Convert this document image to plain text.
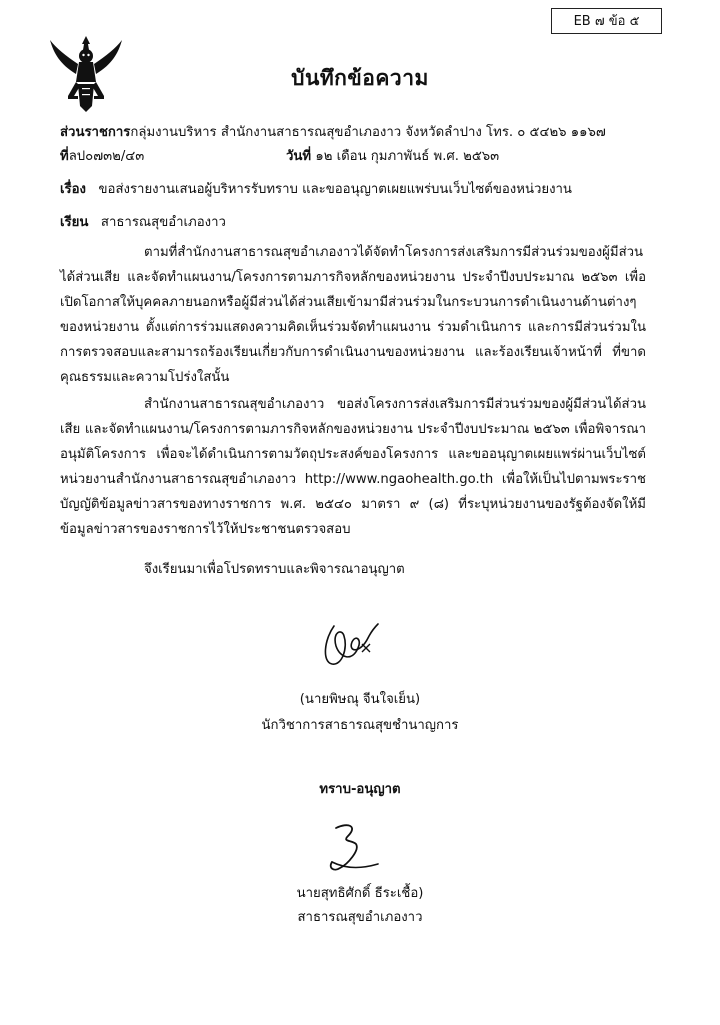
EB ๗ ข้อ ๕
บันทึกข้อความ
ส่วนราชการกลุ่มงานบริหาร สำนักงานสาธารณสุขอำเภองาว จังหวัดลำปาง โทร. ๐ ๕๔๒๖ ๑๑๖๗
ที่ลป๐๗๓๒/๔๓	วันที่ ๑๒ เดือน กุมภาพันธ์ พ.ศ. ๒๕๖๓
เรื่อง ขอส่งรายงานเสนอผู้บริหารรับทราบ และขออนุญาตเผยแพร่บนเว็บไซต์ของหน่วยงาน
เรียน สาธารณสุขอำเภองาว
ตามที่สำนักงานสาธารณสุขอำเภองาวได้จัดทำโครงการส่งเสริมการมีส่วนร่วมของผู้มีส่วนได้ส่วนเสีย และจัดทำแผนงาน/โครงการตามภารกิจหลักของหน่วยงาน ประจำปีงบประมาณ ๒๕๖๓ เพื่อเปิดโอกาสให้บุคคลภายนอกหรือผู้มีส่วนได้ส่วนเสียเข้ามามีส่วนร่วมในกระบวนการดำเนินงานด้านต่างๆ ของหน่วยงาน ตั้งแต่การร่วมแสดงความคิดเห็นร่วมจัดทำแผนงาน ร่วมดำเนินการ และการมีส่วนร่วมในการตรวจสอบและสามารถร้องเรียนเกี่ยวกับการดำเนินงานของหน่วยงาน และร้องเรียนเจ้าหน้าที่ ที่ขาดคุณธรรมและความโปร่งใสนั้น
สำนักงานสาธารณสุขอำเภองาว ขอส่งโครงการส่งเสริมการมีส่วนร่วมของผู้มีส่วนได้ส่วนเสีย และจัดทำแผนงาน/โครงการตามภารกิจหลักของหน่วยงาน ประจำปีงบประมาณ ๒๕๖๓ เพื่อพิจารณาอนุมัติโครงการ เพื่อจะได้ดำเนินการตามวัตถุประสงค์ของโครงการ และขออนุญาตเผยแพร่ผ่านเว็บไซต์หน่วยงานสำนักงานสาธารณสุขอำเภองาว http://www.ngaohealth.go.th เพื่อให้เป็นไปตามพระราชบัญญัติข้อมูลข่าวสารของทางราชการ พ.ศ. ๒๕๔๐ มาตรา ๙ (๘) ที่ระบุหน่วยงานของรัฐต้องจัดให้มีข้อมูลข่าวสารของราชการไว้ให้ประชาชนตรวจสอบ
จึงเรียนมาเพื่อโปรดทราบและพิจารณาอนุญาต
(นายพิษณุ จีนใจเย็น)
นักวิชาการสาธารณสุขชำนาญการ
ทราบ-อนุญาต
นายสุทธิศักดิ์ ธีระเชื้อ)
สาธารณสุขอำเภองาว
